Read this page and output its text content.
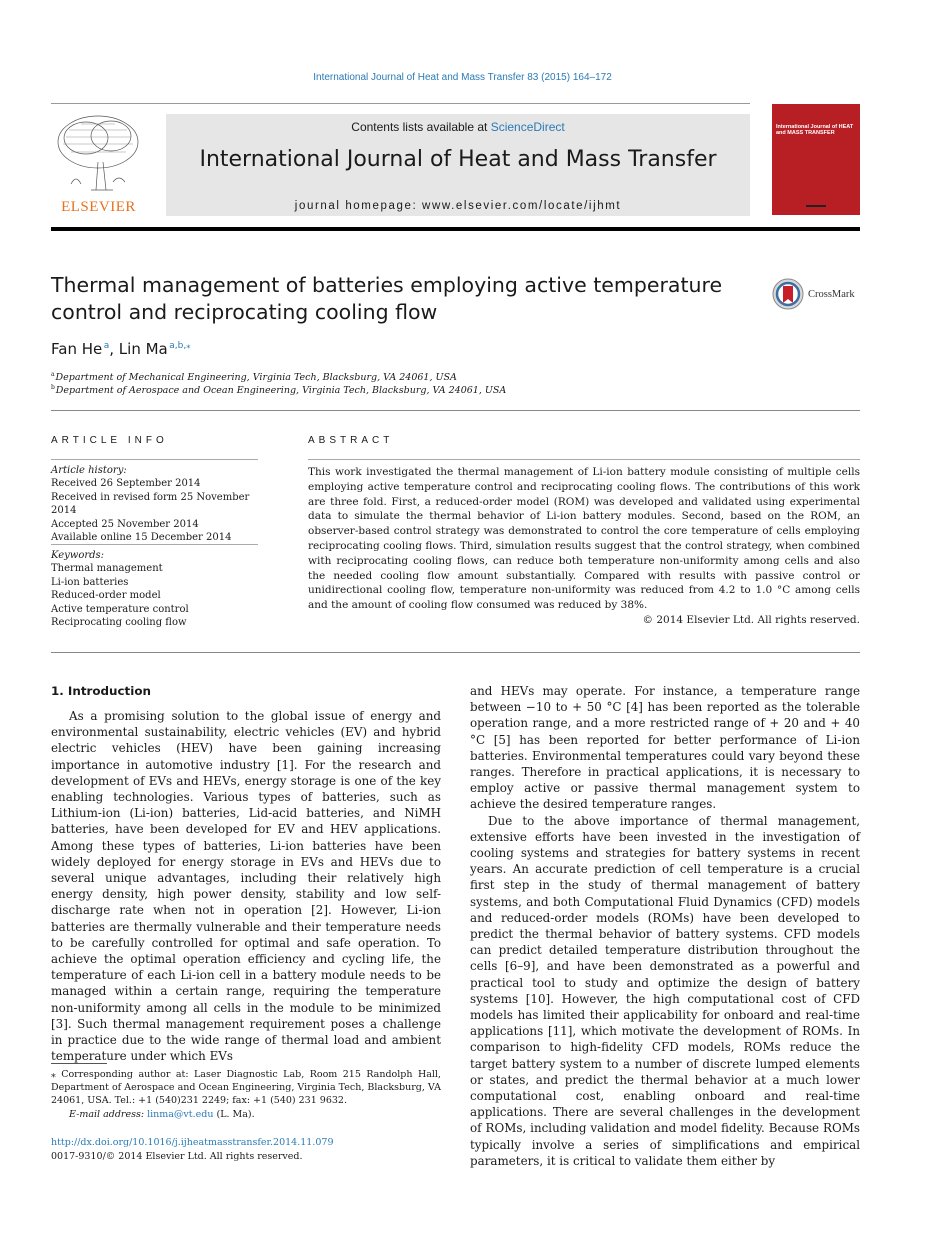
International Journal of Heat and Mass Transfer 83 (2015) 164–172
ELSEVIER
Contents lists available at ScienceDirect
International Journal of Heat and Mass Transfer
journal homepage: www.elsevier.com/locate/ijhmt
International Journal of HEAT and MASS TRANSFER
Thermal management of batteries employing active temperature control and reciprocating cooling flow
CrossMark
Fan He  $^a$, Lin Ma  $^{a,b,⁎}$
$^a$ Department of Mechanical Engineering, Virginia Tech, Blacksburg, VA 24061, USA
$^b$ Department of Aerospace and Ocean Engineering, Virginia Tech, Blacksburg, VA 24061, USA
ARTICLE INFO	ABSTRACT
Article history:
Received 26 September 2014
Received in revised form 25 November 2014
Accepted 25 November 2014
Available online 15 December 2014
Keywords:
Thermal management
Li-ion batteries
Reduced-order model
Active temperature control
Reciprocating cooling flow
This work investigated the thermal management of Li-ion battery module consisting of multiple cells employing active temperature control and reciprocating cooling flows. The contributions of this work are three fold. First, a reduced-order model (ROM) was developed and validated using experimental data to simulate the thermal behavior of Li-ion battery modules. Second, based on the ROM, an observer-based control strategy was demonstrated to control the core temperature of cells employing reciprocating cooling flows. Third, simulation results suggest that the control strategy, when combined with reciprocating cooling flows, can reduce both temperature non-uniformity among cells and also the needed cooling flow amount substantially. Compared with results with passive control or unidirectional cooling flow, temperature non-uniformity was reduced from 4.2 to 1.0 °C among cells and the amount of cooling flow consumed was reduced by 38%.
© 2014 Elsevier Ltd. All rights reserved.
1. Introduction

As a promising solution to the global issue of energy and environmental sustainability, electric vehicles (EV) and hybrid electric vehicles (HEV) have been gaining increasing importance in automotive industry [1]. For the research and development of EVs and HEVs, energy storage is one of the key enabling technologies. Various types of batteries, such as Lithium-ion (Li-ion) batteries, Lid-acid batteries, and NiMH batteries, have been developed for EV and HEV applications. Among these types of batteries, Li-ion batteries have been widely deployed for energy storage in EVs and HEVs due to several unique advantages, including their relatively high energy density, high power density, stability and low self-discharge rate when not in operation [2]. However, Li-ion batteries are thermally vulnerable and their temperature needs to be carefully controlled for optimal and safe operation. To achieve the optimal operation efficiency and cycling life, the temperature of each Li-ion cell in a battery module needs to be managed within a certain range, requiring the temperature non-uniformity among all cells in the module to be minimized [3]. Such thermal management requirement poses a challenge in practice due to the wide range of thermal load and ambient temperature under which EVs

and HEVs may operate. For instance, a temperature range between −10 to + 50 °C [4] has been reported as the tolerable operation range, and a more restricted range of + 20 and + 40 °C [5] has been reported for better performance of Li-ion batteries. Environmental temperatures could vary beyond these ranges. Therefore in practical applications, it is necessary to employ active or passive thermal management system to achieve the desired temperature ranges.

Due to the above importance of thermal management, extensive efforts have been invested in the investigation of cooling systems and strategies for battery systems in recent years. An accurate prediction of cell temperature is a crucial first step in the study of thermal management of battery systems, and both Computational Fluid Dynamics (CFD) models and reduced-order models (ROMs) have been developed to predict the thermal behavior of battery systems. CFD models can predict detailed temperature distribution throughout the cells [6–9], and have been demonstrated as a powerful and practical tool to study and optimize the design of battery systems [10]. However, the high computational cost of CFD models has limited their applicability for onboard and real-time applications [11], which motivate the development of ROMs. In comparison to high-fidelity CFD models, ROMs reduce the target battery system to a number of discrete lumped elements or states, and predict the thermal behavior at a much lower computational cost, enabling onboard and real-time applications. There are several challenges in the development of ROMs, including validation and model fidelity. Because ROMs typically involve a series of simplifications and empirical parameters, it is critical to validate them either by

⁎ Corresponding author at: Laser Diagnostic Lab, Room 215 Randolph Hall, Department of Aerospace and Ocean Engineering, Virginia Tech, Blacksburg, VA 24061, USA. Tel.: +1 (540)231 2249; fax: +1 (540) 231 9632.
E-mail address: linma@vt.edu (L. Ma).
http://dx.doi.org/10.1016/j.ijheatmasstransfer.2014.11.079
0017-9310/© 2014 Elsevier Ltd. All rights reserved.
